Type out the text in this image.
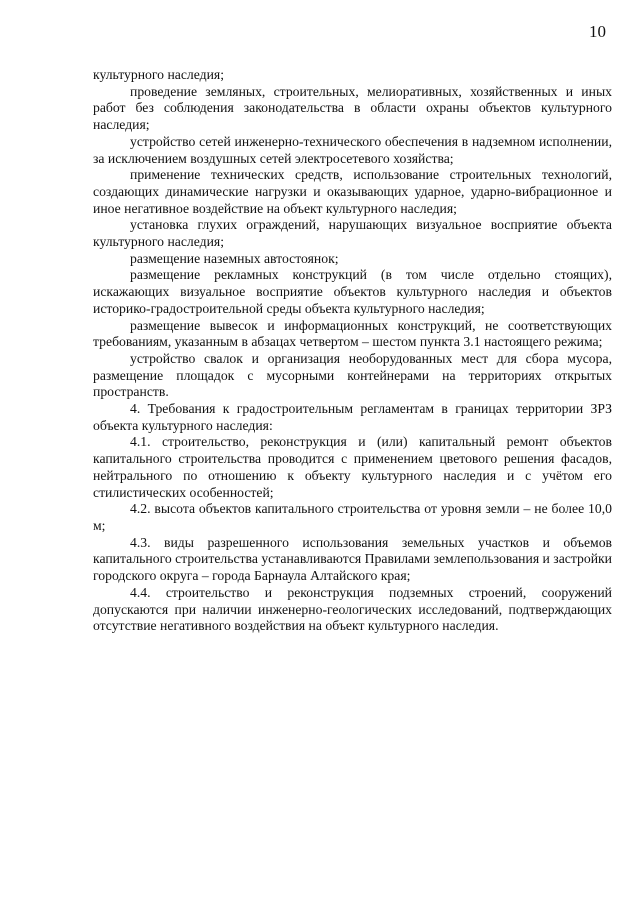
10

культурного наследия;

проведение земляных, строительных, мелиоративных, хозяйственных и иных работ без соблюдения законодательства в области охраны объектов культурного наследия;

устройство сетей инженерно-технического обеспечения в надземном исполнении, за исключением воздушных сетей электросетевого хозяйства;

применение технических средств, использование строительных технологий, создающих динамические нагрузки и оказывающих ударное, ударно-вибрационное и иное негативное воздействие на объект культурного наследия;

установка глухих ограждений, нарушающих визуальное восприятие объекта культурного наследия;

размещение наземных автостоянок;

размещение рекламных конструкций (в том числе отдельно стоящих), искажающих визуальное восприятие объектов культурного наследия и объектов историко-градостроительной среды объекта культурного наследия;

размещение вывесок и информационных конструкций, не соответствующих требованиям, указанным в абзацах четвертом – шестом пункта 3.1 настоящего режима;

устройство свалок и организация необорудованных мест для сбора мусора, размещение площадок с мусорными контейнерами на территориях открытых пространств.

4. Требования к градостроительным регламентам в границах территории ЗРЗ объекта культурного наследия:

4.1. строительство, реконструкция и (или) капитальный ремонт объектов капитального строительства проводится с применением цветового решения фасадов, нейтрального по отношению к объекту культурного наследия и с учётом его стилистических особенностей;

4.2. высота объектов капитального строительства от уровня земли – не более 10,0 м;

4.3. виды разрешенного использования земельных участков и объемов капитального строительства устанавливаются Правилами землепользования и застройки городского округа – города Барнаула Алтайского края;

4.4. строительство и реконструкция подземных строений, сооружений допускаются при наличии инженерно-геологических исследований, подтверждающих отсутствие негативного воздействия на объект культурного наследия.
